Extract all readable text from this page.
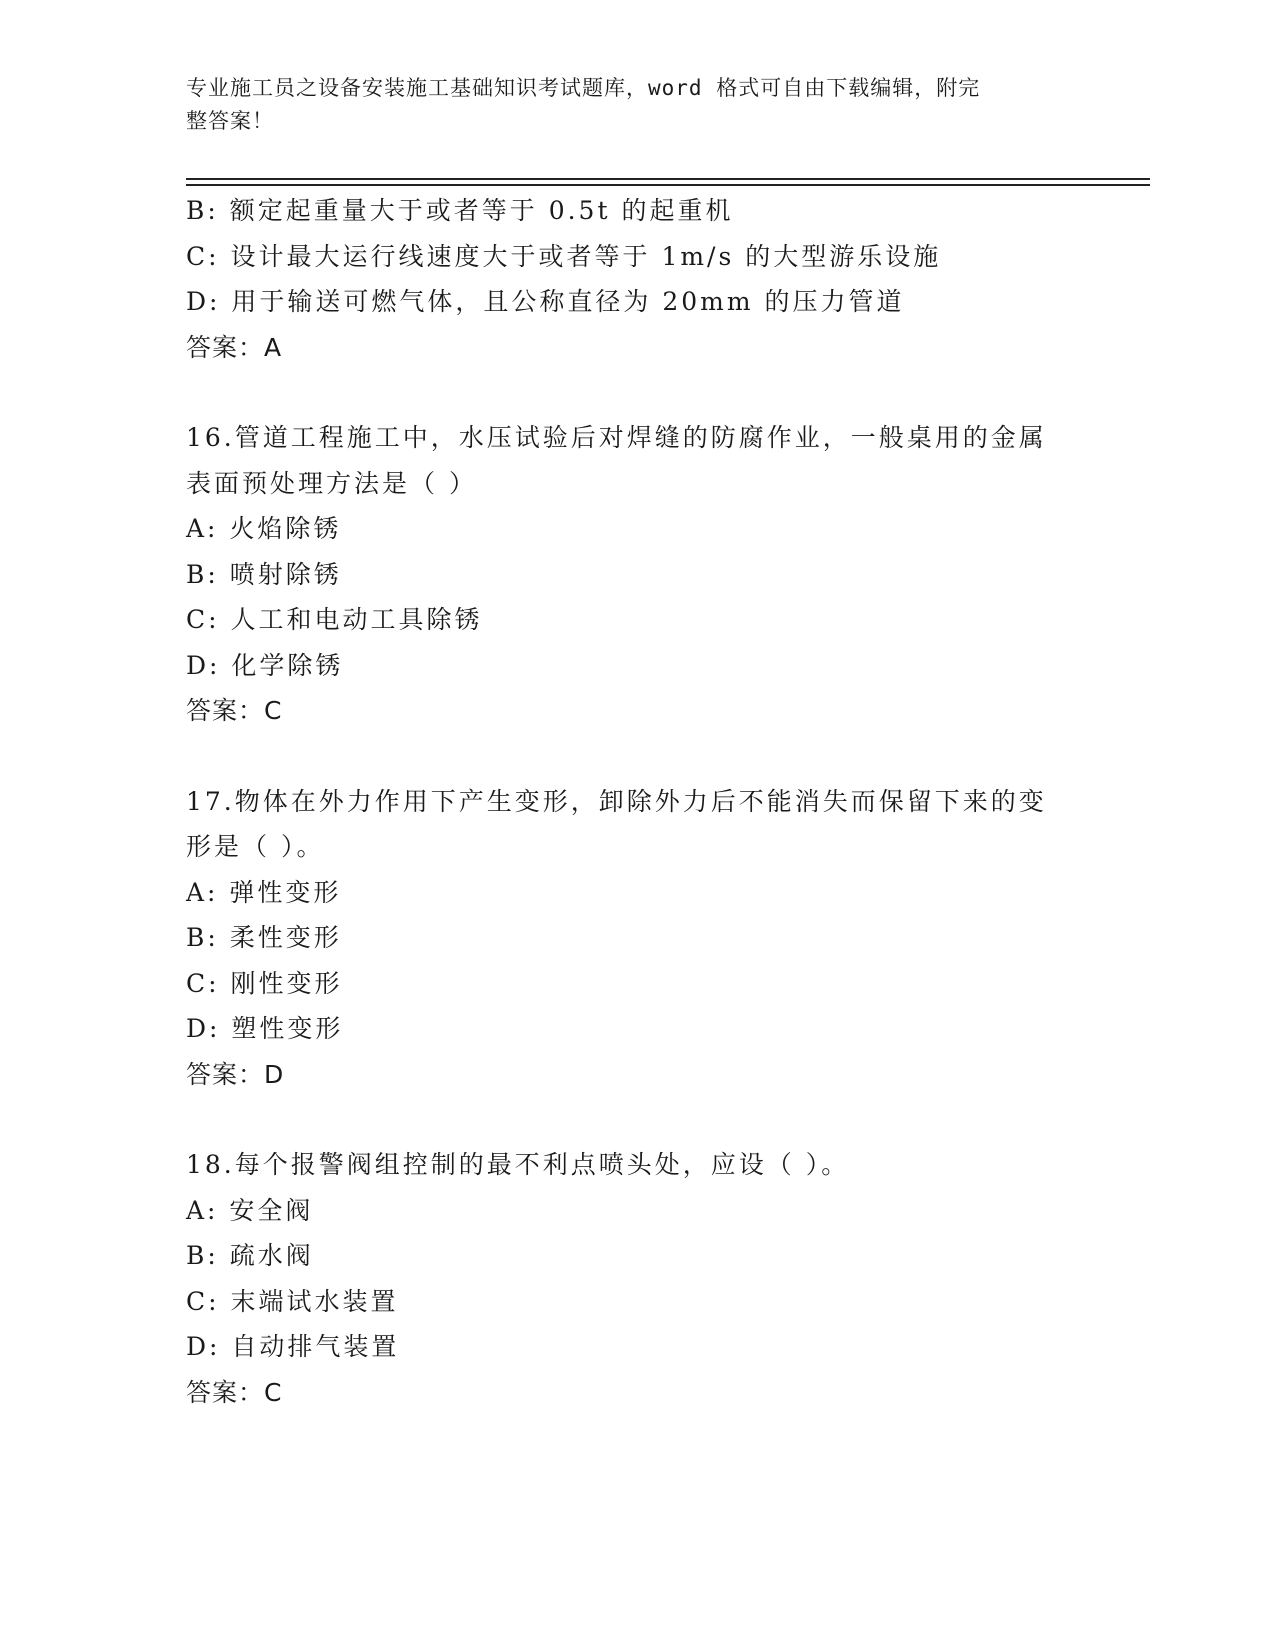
专业施工员之设备安装施工基础知识考试题库，word 格式可自由下载编辑，附完
整答案！
B: 额定起重量大于或者等于 0.5t 的起重机
C: 设计最大运行线速度大于或者等于 1m/s 的大型游乐设施
D: 用于输送可燃气体，且公称直径为 20mm 的压力管道
答案：A
16.管道工程施工中，水压试验后对焊缝的防腐作业，一般桌用的金属
表面预处理方法是（ ）
A: 火焰除锈
B: 喷射除锈
C: 人工和电动工具除锈
D: 化学除锈
答案：C
17.物体在外力作用下产生变形，卸除外力后不能消失而保留下来的变
形是（ ）。
A: 弹性变形
B: 柔性变形
C: 刚性变形
D: 塑性变形
答案：D
18.每个报警阀组控制的最不利点喷头处，应设（ ）。
A: 安全阀
B: 疏水阀
C: 末端试水装置
D: 自动排气装置
答案：C
